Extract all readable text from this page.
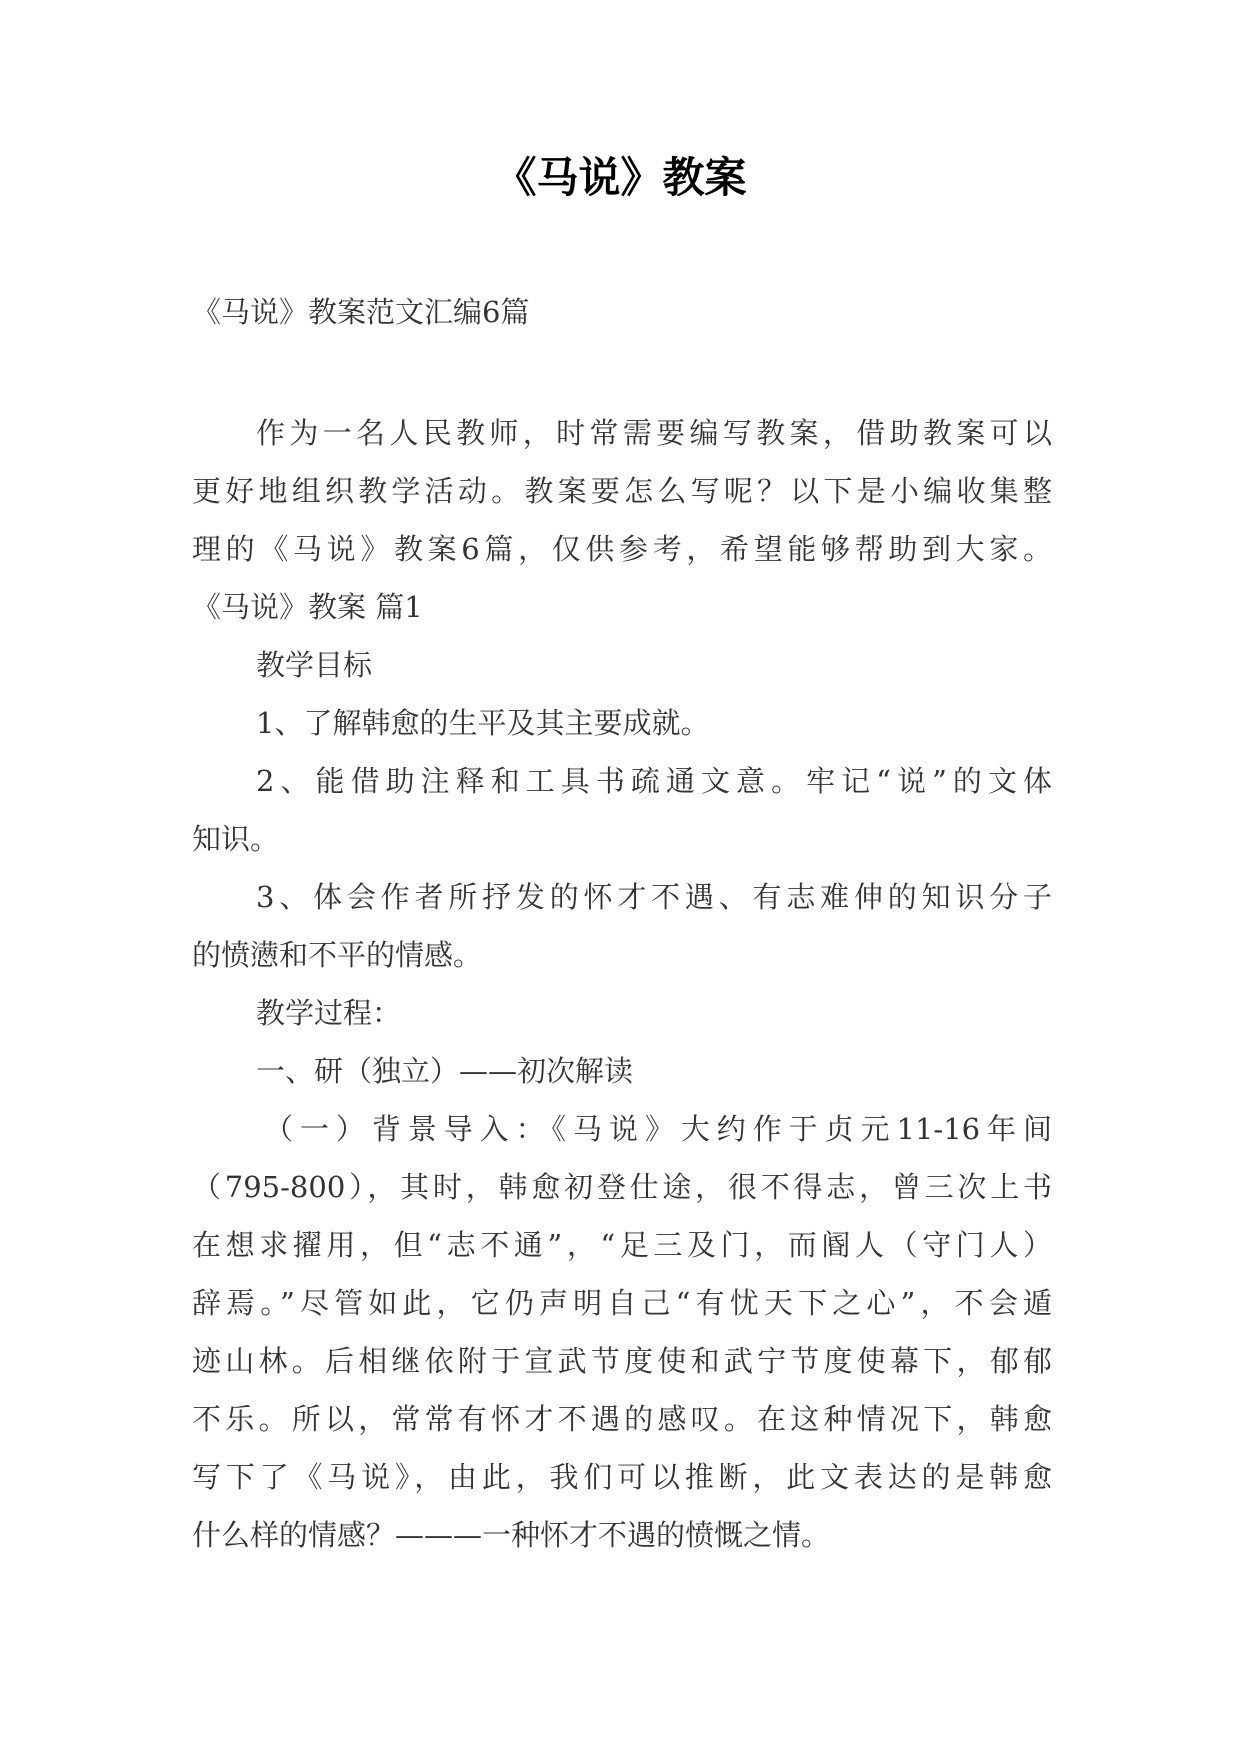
《马说》教案
《马说》教案范文汇编6篇
作为一名人民教师，时常需要编写教案，借助教案可以
更好地组织教学活动。教案要怎么写呢？以下是小编收集整
理的《马说》教案6篇，仅供参考，希望能够帮助到大家。
《马说》教案 篇1
教学目标
1、了解韩愈的生平及其主要成就。
2、能借助注释和工具书疏通文意。牢记“说”的文体
知识。
3、体会作者所抒发的怀才不遇、有志难伸的知识分子
的愤懑和不平的情感。
教学过程：
一、研（独立）——初次解读
（一）背景导入：《马说》大约作于贞元11-16年间
（795-800），其时，韩愈初登仕途，很不得志，曾三次上书
在想求擢用，但“志不通”，“足三及门，而阍人（守门人）
辞焉。”尽管如此，它仍声明自己“有忧天下之心”，不会遁
迹山林。后相继依附于宣武节度使和武宁节度使幕下，郁郁
不乐。所以，常常有怀才不遇的感叹。在这种情况下，韩愈
写下了《马说》，由此，我们可以推断，此文表达的是韩愈
什么样的情感？———一种怀才不遇的愤慨之情。
